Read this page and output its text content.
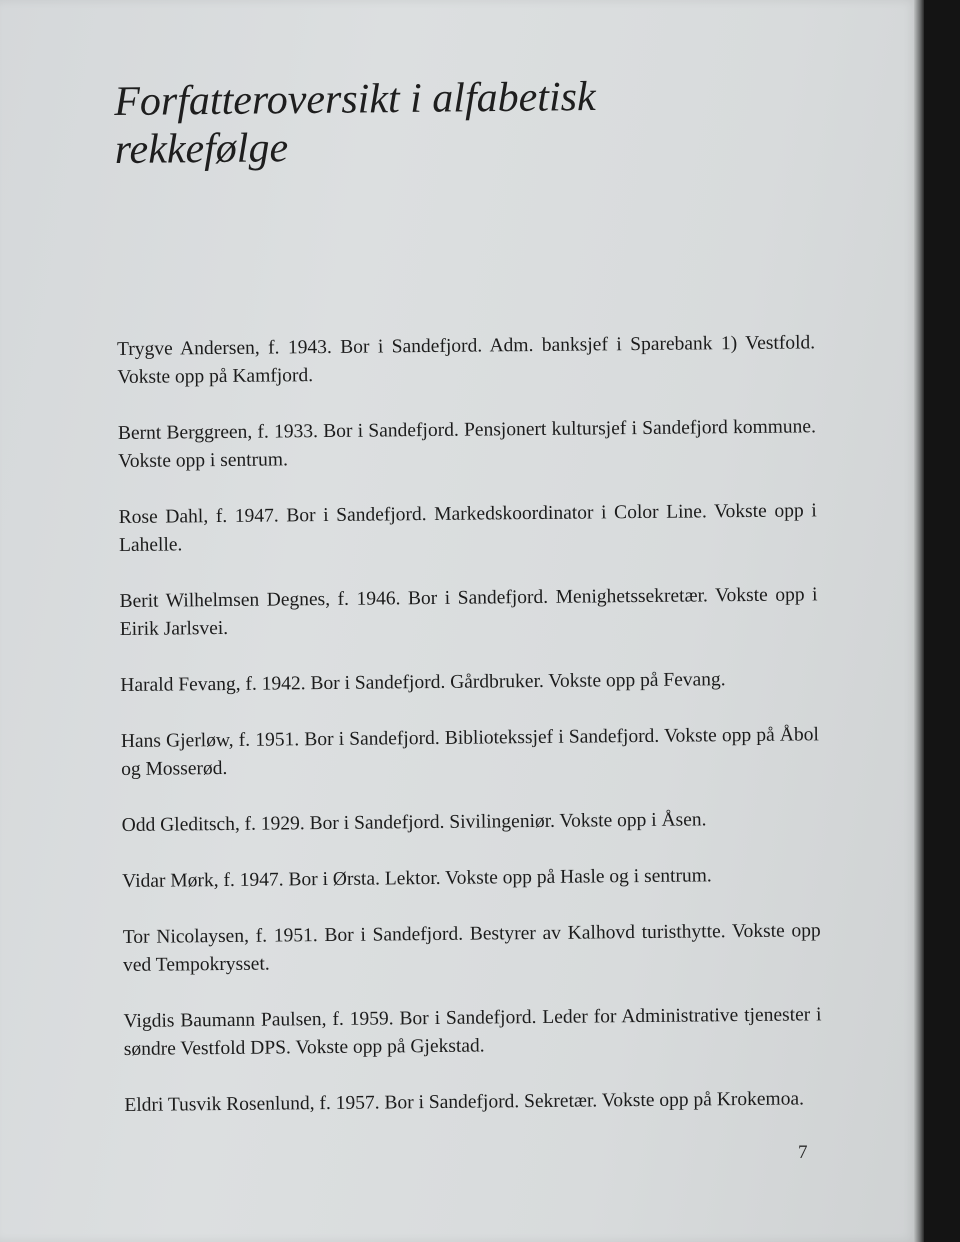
Forfatteroversikt i alfabetisk rekkefølge

Trygve Andersen, f. 1943. Bor i Sandefjord. Adm. banksjef i Sparebank 1) Vestfold. Vokste opp på Kamfjord.

Bernt Berggreen, f. 1933. Bor i Sandefjord. Pensjonert kultursjef i Sandefjord kommune. Vokste opp i sentrum.

Rose Dahl, f. 1947. Bor i Sandefjord. Markedskoordinator i Color Line. Vokste opp i Lahelle.

Berit Wilhelmsen Degnes, f. 1946. Bor i Sandefjord. Menighetssekretær. Vokste opp i Eirik Jarlsvei.

Harald Fevang, f. 1942. Bor i Sandefjord. Gårdbruker. Vokste opp på Fevang.

Hans Gjerløw, f. 1951. Bor i Sandefjord. Bibliotekssjef i Sandefjord. Vokste opp på Åbol og Mosserød.

Odd Gleditsch, f. 1929. Bor i Sandefjord. Sivilingeniør. Vokste opp i Åsen.

Vidar Mørk, f. 1947. Bor i Ørsta. Lektor. Vokste opp på Hasle og i sentrum.

Tor Nicolaysen, f. 1951. Bor i Sandefjord. Bestyrer av Kalhovd turisthytte. Vokste opp ved Tempokrysset.

Vigdis Baumann Paulsen, f. 1959. Bor i Sandefjord. Leder for Administrative tjenester i søndre Vestfold DPS. Vokste opp på Gjekstad.

Eldri Tusvik Rosenlund, f. 1957. Bor i Sandefjord. Sekretær. Vokste opp på Krokemoa.

7
